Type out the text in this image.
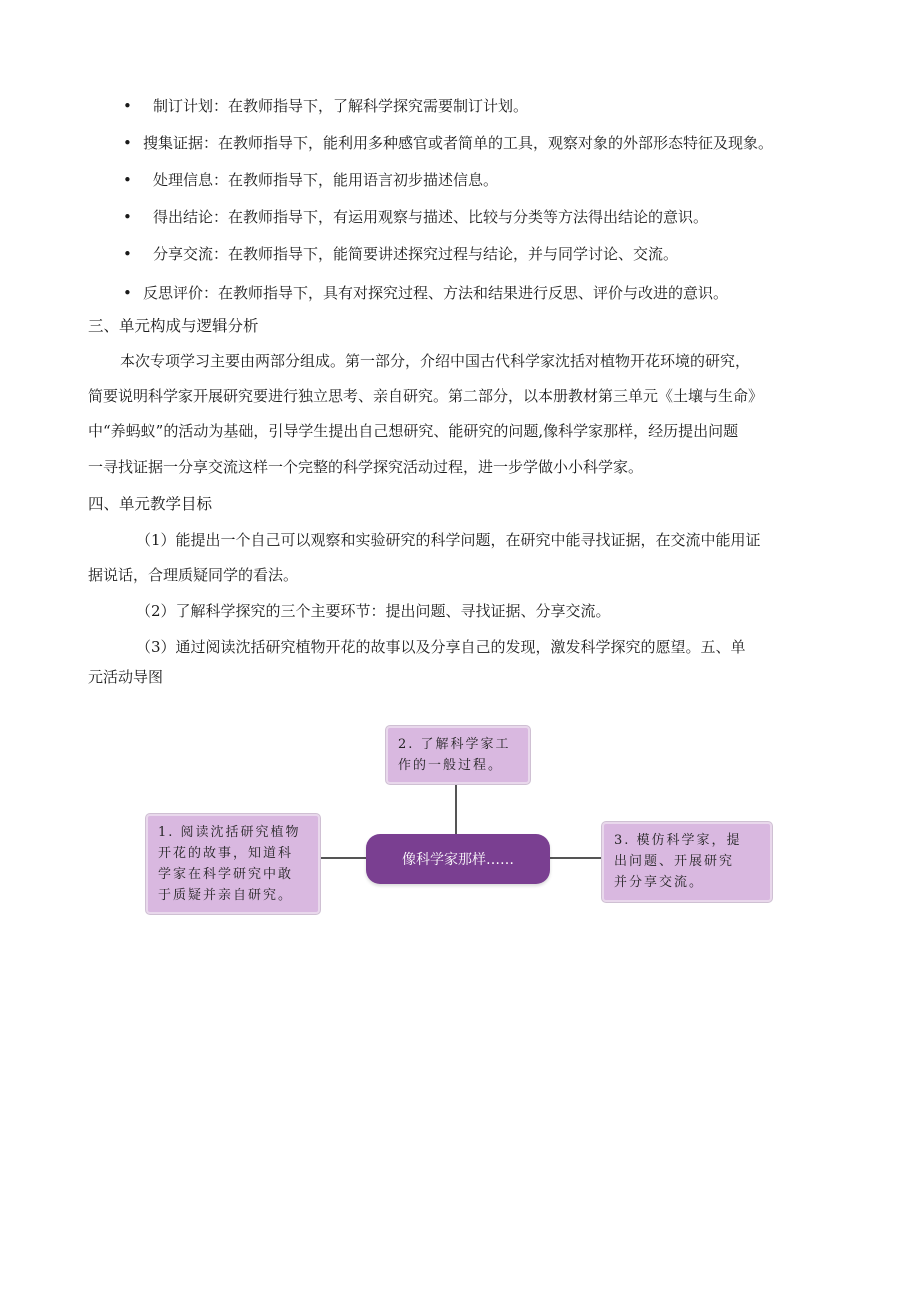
• 制订计划：在教师指导下，了解科学探究需要制订计划。
• 搜集证据：在教师指导下，能利用多种感官或者简单的工具，观察对象的外部形态特征及现象。
• 处理信息：在教师指导下，能用语言初步描述信息。
• 得出结论：在教师指导下，有运用观察与描述、比较与分类等方法得出结论的意识。
• 分享交流：在教师指导下，能简要讲述探究过程与结论，并与同学讨论、交流。
• 反思评价：在教师指导下，具有对探究过程、方法和结果进行反思、评价与改进的意识。
三、单元构成与逻辑分析
本次专项学习主要由两部分组成。第一部分，介绍中国古代科学家沈括对植物开花环境的研究，
简要说明科学家开展研究要进行独立思考、亲自研究。第二部分，以本册教材第三单元《土壤与生命》
中“养蚂蚁”的活动为基础，引导学生提出自己想研究、能研究的问题,像科学家那样，经历提出问题
一寻找证据一分享交流这样一个完整的科学探究活动过程，进一步学做小小科学家。
四、单元教学目标
（1）能提出一个自己可以观察和实验研究的科学问题，在研究中能寻找证据，在交流中能用证
据说话，合理质疑同学的看法。
（2）了解科学探究的三个主要环节：提出问题、寻找证据、分享交流。
（3）通过阅读沈括研究植物开花的故事以及分享自己的发现，激发科学探究的愿望。五、单
元活动导图
2. 了解科学家工
作的一般过程。
1. 阅读沈括研究植物
开花的故事，知道科
学家在科学研究中敢
于质疑并亲自研究。
像科学家那样……
3. 模仿科学家，提
出问题、开展研究
并分享交流。
